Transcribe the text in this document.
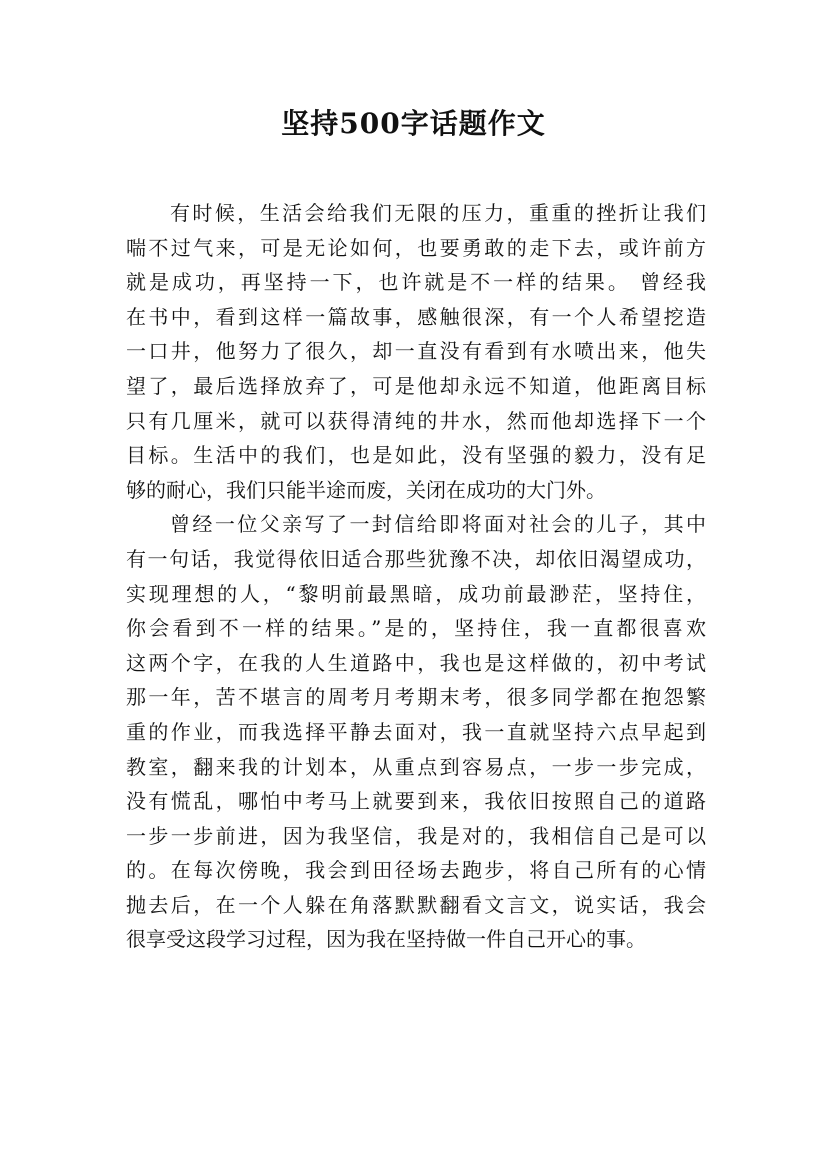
坚持500字话题作文
有时候，生活会给我们无限的压力，重重的挫折让我们
喘不过气来，可是无论如何，也要勇敢的走下去，或许前方
就是成功，再坚持一下，也许就是不一样的结果。 曾经我
在书中，看到这样一篇故事，感触很深，有一个人希望挖造
一口井，他努力了很久，却一直没有看到有水喷出来，他失
望了，最后选择放弃了，可是他却永远不知道，他距离目标
只有几厘米，就可以获得清纯的井水，然而他却选择下一个
目标。生活中的我们，也是如此，没有坚强的毅力，没有足
够的耐心，我们只能半途而废，关闭在成功的大门外。
曾经一位父亲写了一封信给即将面对社会的儿子，其中
有一句话，我觉得依旧适合那些犹豫不决，却依旧渴望成功，
实现理想的人，“黎明前最黑暗，成功前最渺茫，坚持住，
你会看到不一样的结果。”是的，坚持住，我一直都很喜欢
这两个字，在我的人生道路中，我也是这样做的，初中考试
那一年，苦不堪言的周考月考期末考，很多同学都在抱怨繁
重的作业，而我选择平静去面对，我一直就坚持六点早起到
教室，翻来我的计划本，从重点到容易点，一步一步完成，
没有慌乱，哪怕中考马上就要到来，我依旧按照自己的道路
一步一步前进，因为我坚信，我是对的，我相信自己是可以
的。在每次傍晚，我会到田径场去跑步，将自己所有的心情
抛去后，在一个人躲在角落默默翻看文言文，说实话，我会
很享受这段学习过程，因为我在坚持做一件自己开心的事。
